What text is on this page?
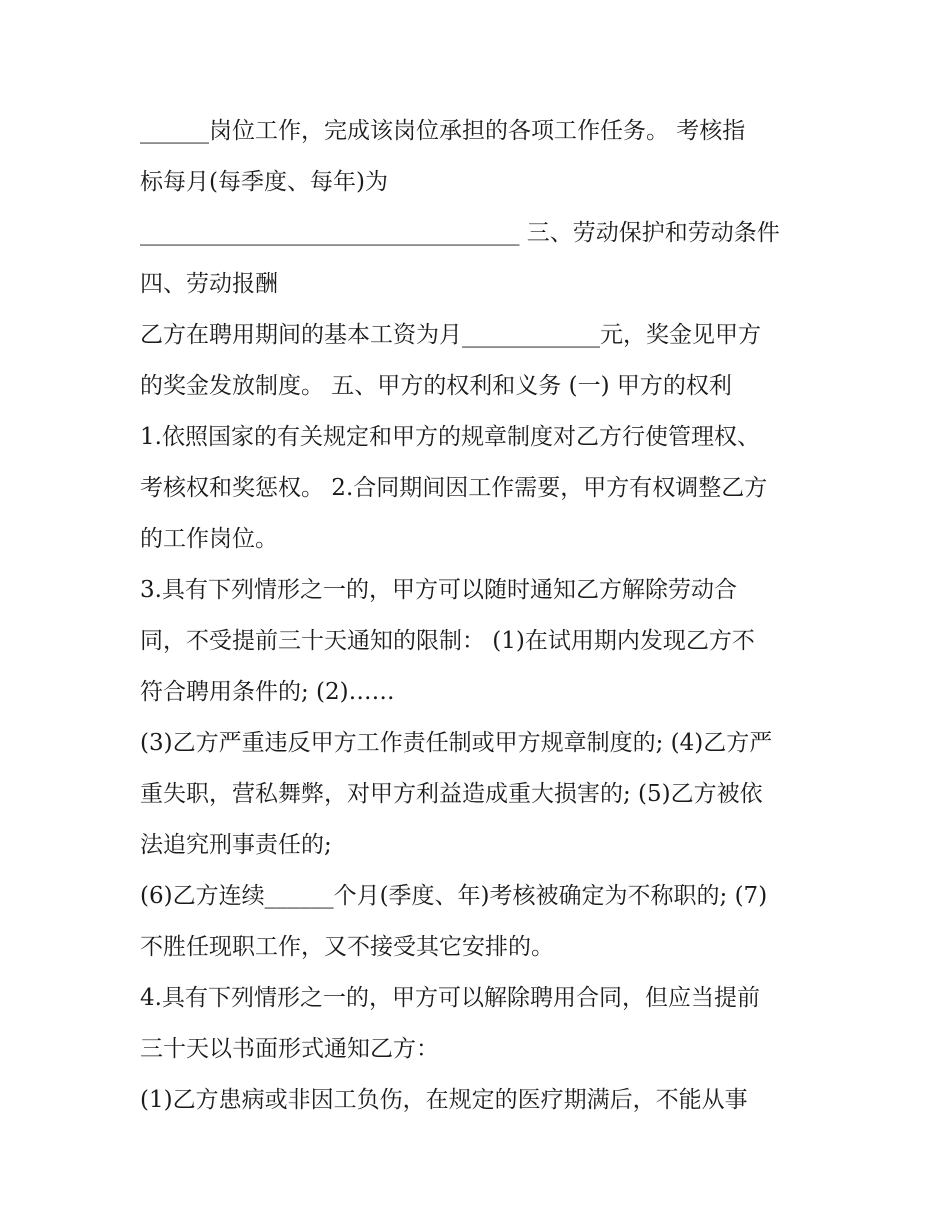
______岗位工作，完成该岗位承担的各项工作任务。 考核指
标每月(每季度、每年)为
_________________________________ 三、劳动保护和劳动条件
四、劳动报酬
乙方在聘用期间的基本工资为月____________元，奖金见甲方
的奖金发放制度。 五、甲方的权利和义务 (一) 甲方的权利
1.依照国家的有关规定和甲方的规章制度对乙方行使管理权、
考核权和奖惩权。 2.合同期间因工作需要，甲方有权调整乙方
的工作岗位。
3.具有下列情形之一的，甲方可以随时通知乙方解除劳动合
同，不受提前三十天通知的限制： (1)在试用期内发现乙方不
符合聘用条件的; (2)……
(3)乙方严重违反甲方工作责任制或甲方规章制度的; (4)乙方严
重失职，营私舞弊，对甲方利益造成重大损害的; (5)乙方被依
法追究刑事责任的;
(6)乙方连续______个月(季度、年)考核被确定为不称职的; (7)
不胜任现职工作，又不接受其它安排的。
4.具有下列情形之一的，甲方可以解除聘用合同，但应当提前
三十天以书面形式通知乙方：
(1)乙方患病或非因工负伤，在规定的医疗期满后，不能从事
